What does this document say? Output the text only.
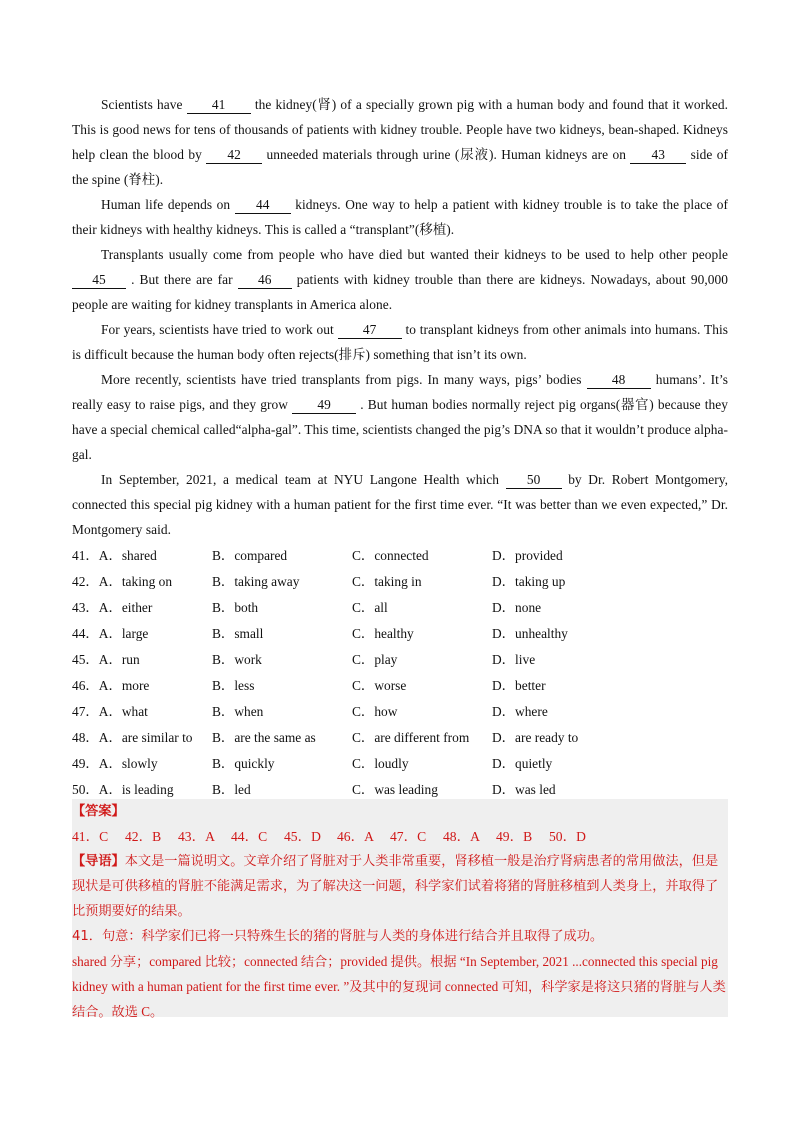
Scientists have 41 the kidney(肾) of a specially grown pig with a human body and found that it worked. This is good news for tens of thousands of patients with kidney trouble. People have two kidneys, bean-shaped. Kidneys help clean the blood by 42 unneeded materials through urine (尿液). Human kidneys are on 43 side of the spine (脊柱).

Human life depends on 44 kidneys. One way to help a patient with kidney trouble is to take the place of their kidneys with healthy kidneys. This is called a “transplant”(移植).

Transplants usually come from people who have died but wanted their kidneys to be used to help other people 45 . But there are far 46 patients with kidney trouble than there are kidneys. Nowadays, about 90,000 people are waiting for kidney transplants in America alone.

For years, scientists have tried to work out 47 to transplant kidneys from other animals into humans. This is difficult because the human body often rejects(排斥) something that isn’t its own.

More recently, scientists have tried transplants from pigs. In many ways, pigs’ bodies 48 humans’. It’s really easy to raise pigs, and they grow 49 . But human bodies normally reject pig organs(器官) because they have a special chemical called“alpha-gal”. This time, scientists changed the pig’s DNA so that it wouldn’t produce alpha-gal.

In September, 2021, a medical team at NYU Langone Health which 50 by Dr. Robert Montgomery, connected this special pig kidney with a human patient for the first time ever. “It was better than we even expected,” Dr. Montgomery said.

41．A．shared	B．compared	C．connected	D．provided
42．A．taking on	B．taking away	C．taking in	D．taking up
43．A．either	B．both	C．all	D．none
44．A．large	B．small	C．healthy	D．unhealthy
45．A．run	B．work	C．play	D．live
46．A．more	B．less	C．worse	D．better
47．A．what	B．when	C．how	D．where
48．A．are similar to	B．are the same as	C．are different from	D．are ready to
49．A．slowly	B．quickly	C．loudly	D．quietly
50．A．is leading	B．led	C．was leading	D．was led

【答案】

41．C	42．B	43．A	44．C	45．D	46．A	47．C	48．A	49．B	50．D

【导语】本文是一篇说明文。文章介绍了肾脏对于人类非常重要，肾移植一般是治疗肾病患者的常用做法，但是现状是可供移植的肾脏不能满足需求，为了解决这一问题，科学家们试着将猪的肾脏移植到人类身上，并取得了比预期要好的结果。

41．句意：科学家们已将一只特殊生长的猪的肾脏与人类的身体进行结合并且取得了成功。

shared 分享；compared 比较；connected 结合；provided 提供。根据 “In September, 2021 ...connected this special pig kidney with a human patient for the first time ever. ”及其中的复现词 connected 可知，科学家是将这只猪的肾脏与人类结合。故选 C。
